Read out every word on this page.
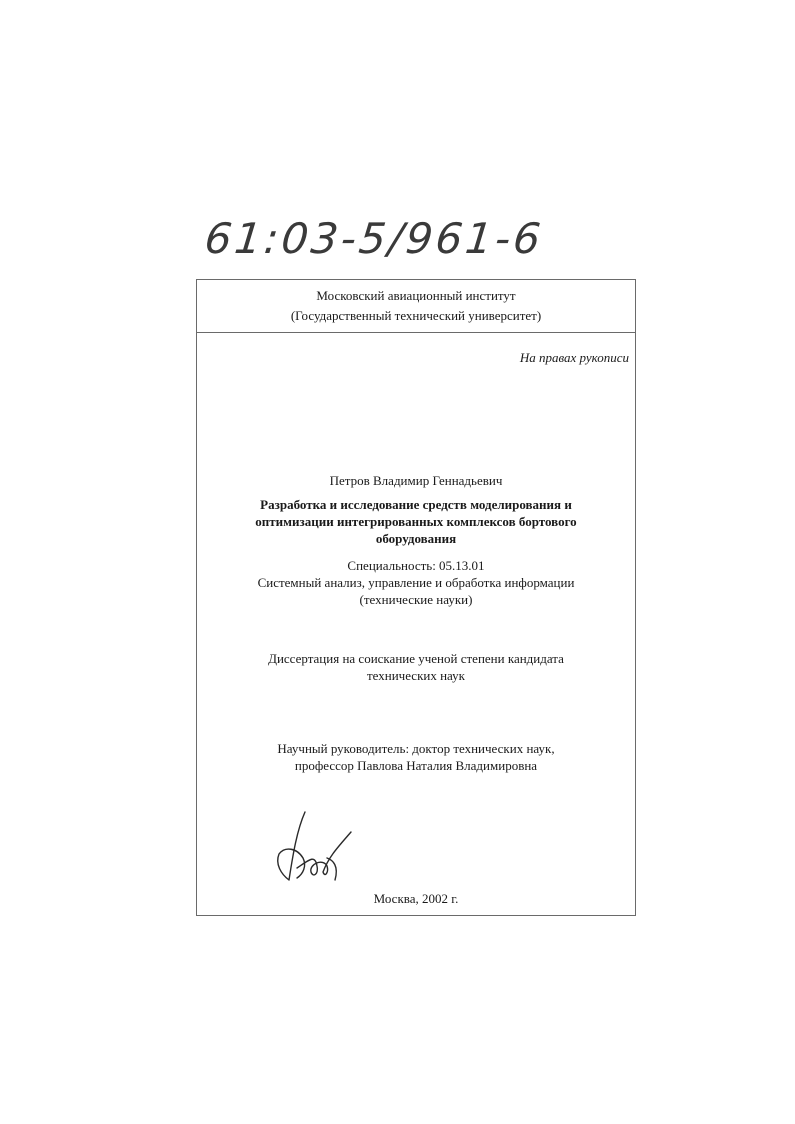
61:03-5/961-6
Московский авиационный институт
(Государственный технический университет)
На правах рукописи
Петров Владимир Геннадьевич
Разработка и исследование средств моделирования и
оптимизации интегрированных комплексов бортового
оборудования
Специальность: 05.13.01
Системный анализ, управление и обработка информации
(технические науки)
Диссертация на соискание ученой степени кандидата
технических наук
Научный руководитель: доктор технических наук,
профессор Павлова Наталия Владимировна
Москва, 2002 г.
